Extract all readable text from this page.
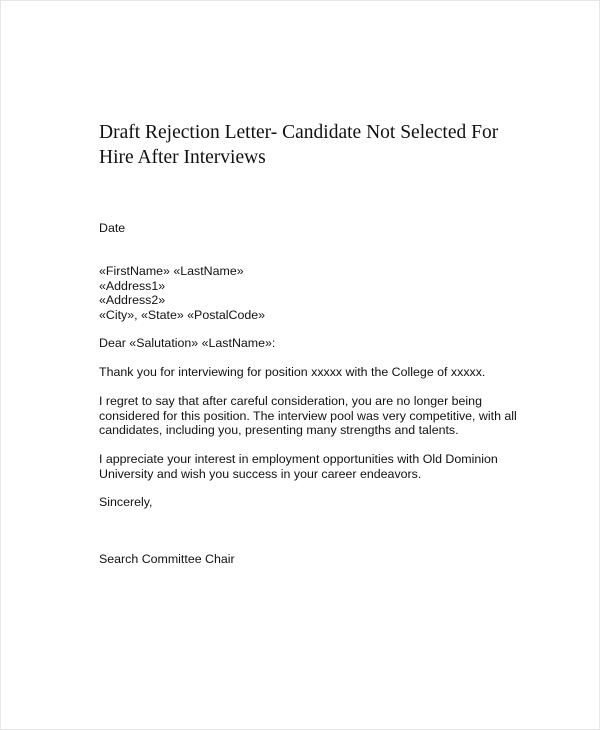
Draft Rejection Letter- Candidate Not Selected For
Hire After Interviews
Date
«FirstName» «LastName»
«Address1»
«Address2»
«City», «State» «PostalCode»
Dear «Salutation» «LastName»:
Thank you for interviewing for position xxxxx with the College of xxxxx.
I regret to say that after careful consideration, you are no longer being
considered for this position. The interview pool was very competitive, with all
candidates, including you, presenting many strengths and talents.
I appreciate your interest in employment opportunities with Old Dominion
University and wish you success in your career endeavors.
Sincerely,
Search Committee Chair
